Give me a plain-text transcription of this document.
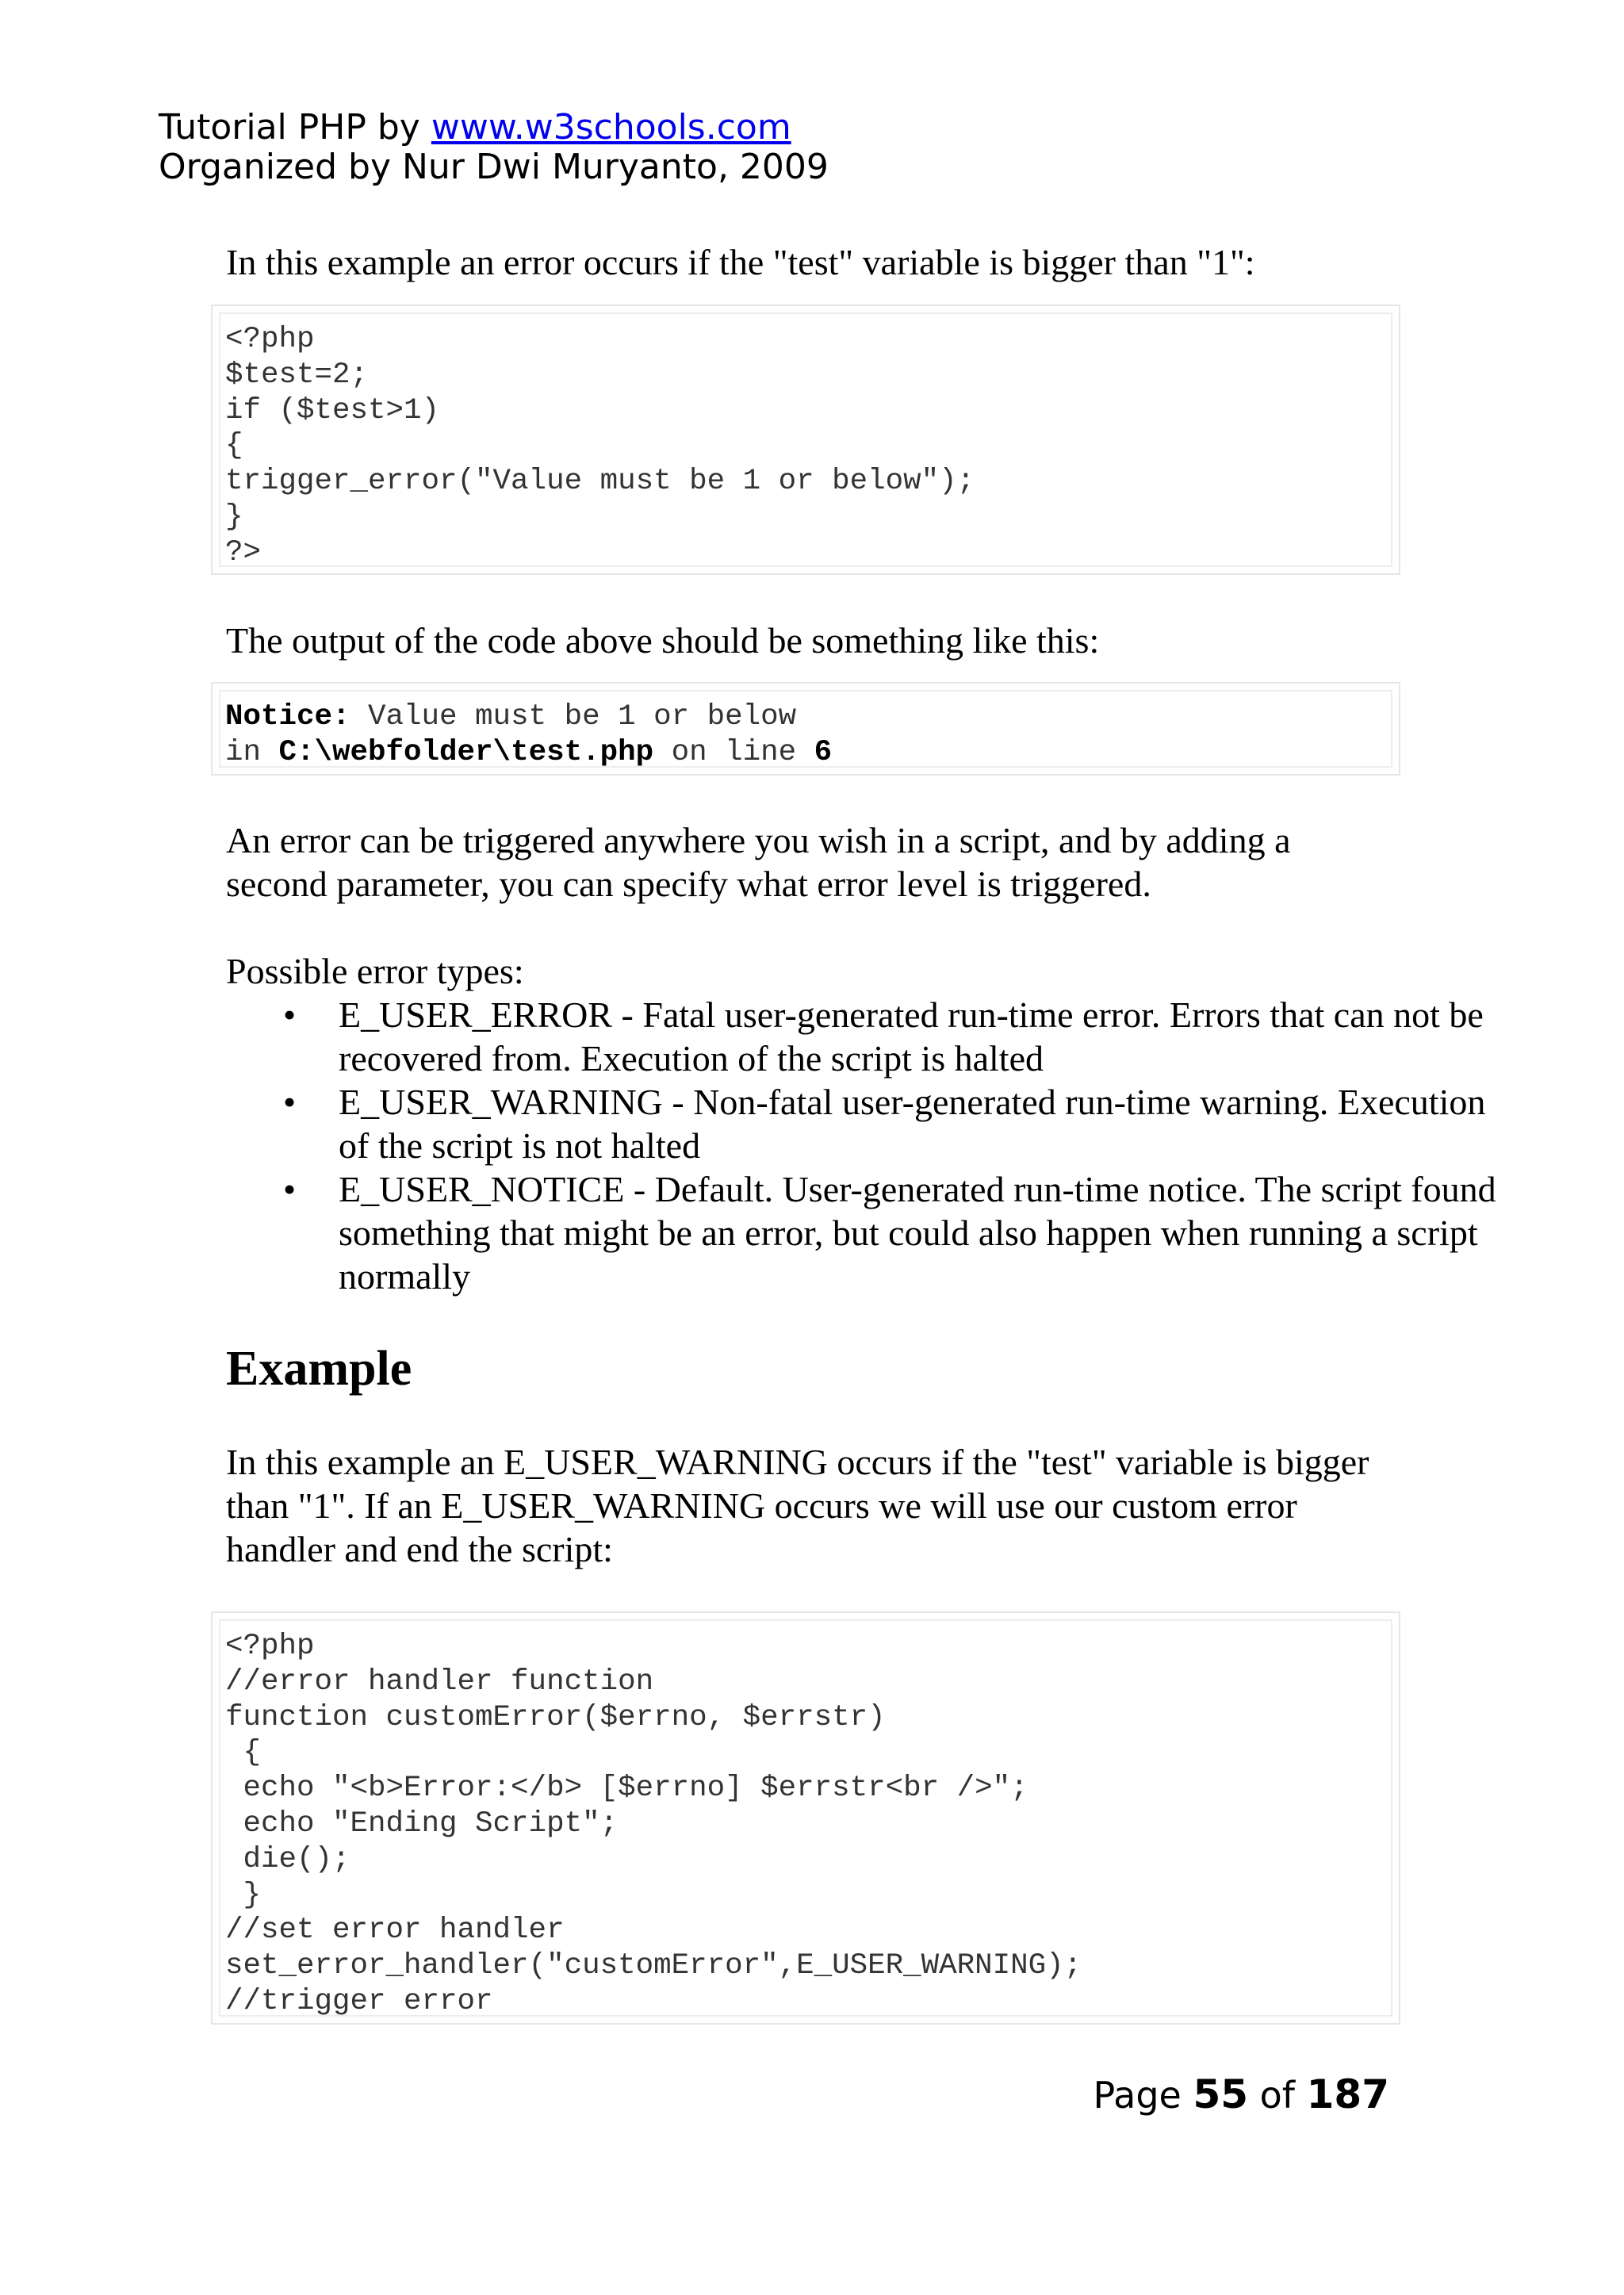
Tutorial PHP by www.w3schools.com
Organized by Nur Dwi Muryanto, 2009

In this example an error occurs if the "test" variable is bigger than "1":

<?php
$test=2;
if ($test>1)
{
trigger_error("Value must be 1 or below");
}
?>

The output of the code above should be something like this:

Notice: Value must be 1 or below
in C:\webfolder\test.php on line 6

An error can be triggered anywhere you wish in a script, and by adding a second parameter, you can specify what error level is triggered.

Possible error types:

• E_USER_ERROR - Fatal user-generated run-time error. Errors that can not be recovered from. Execution of the script is halted
• E_USER_WARNING - Non-fatal user-generated run-time warning. Execution of the script is not halted
• E_USER_NOTICE - Default. User-generated run-time notice. The script found something that might be an error, but could also happen when running a script normally
Example

In this example an E_USER_WARNING occurs if the "test" variable is bigger than "1". If an E_USER_WARNING occurs we will use our custom error handler and end the script:

<?php
//error handler function
function customError($errno, $errstr)
{
echo "<b>Error:</b> [$errno] $errstr<br />";
echo "Ending Script";
die();
}
//set error handler
set_error_handler("customError",E_USER_WARNING);
//trigger error
Page 55 of 187
